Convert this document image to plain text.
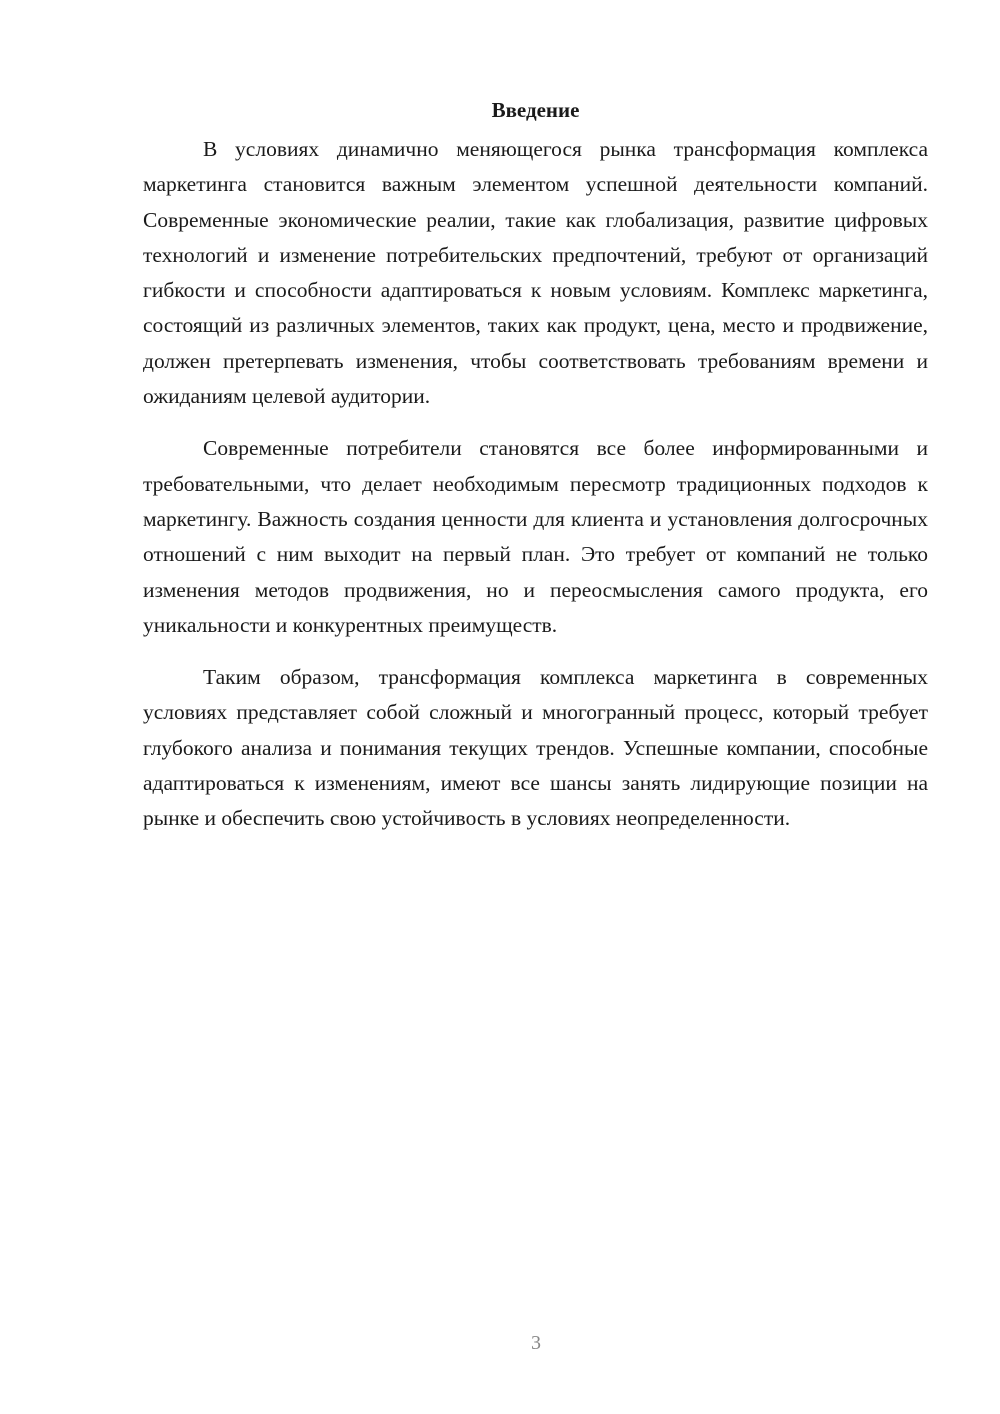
Введение

В условиях динамично меняющегося рынка трансформация комплекса маркетинга становится важным элементом успешной деятельности компаний. Современные экономические реалии, такие как глобализация, развитие цифровых технологий и изменение потребительских предпочтений, требуют от организаций гибкости и способности адаптироваться к новым условиям. Комплекс маркетинга, состоящий из различных элементов, таких как продукт, цена, место и продвижение, должен претерпевать изменения, чтобы соответствовать требованиям времени и ожиданиям целевой аудитории.

Современные потребители становятся все более информированными и требовательными, что делает необходимым пересмотр традиционных подходов к маркетингу. Важность создания ценности для клиента и установления долгосрочных отношений с ним выходит на первый план. Это требует от компаний не только изменения методов продвижения, но и переосмысления самого продукта, его уникальности и конкурентных преимуществ.

Таким образом, трансформация комплекса маркетинга в современных условиях представляет собой сложный и многогранный процесс, который требует глубокого анализа и понимания текущих трендов. Успешные компании, способные адаптироваться к изменениям, имеют все шансы занять лидирующие позиции на рынке и обеспечить свою устойчивость в условиях неопределенности.

3
